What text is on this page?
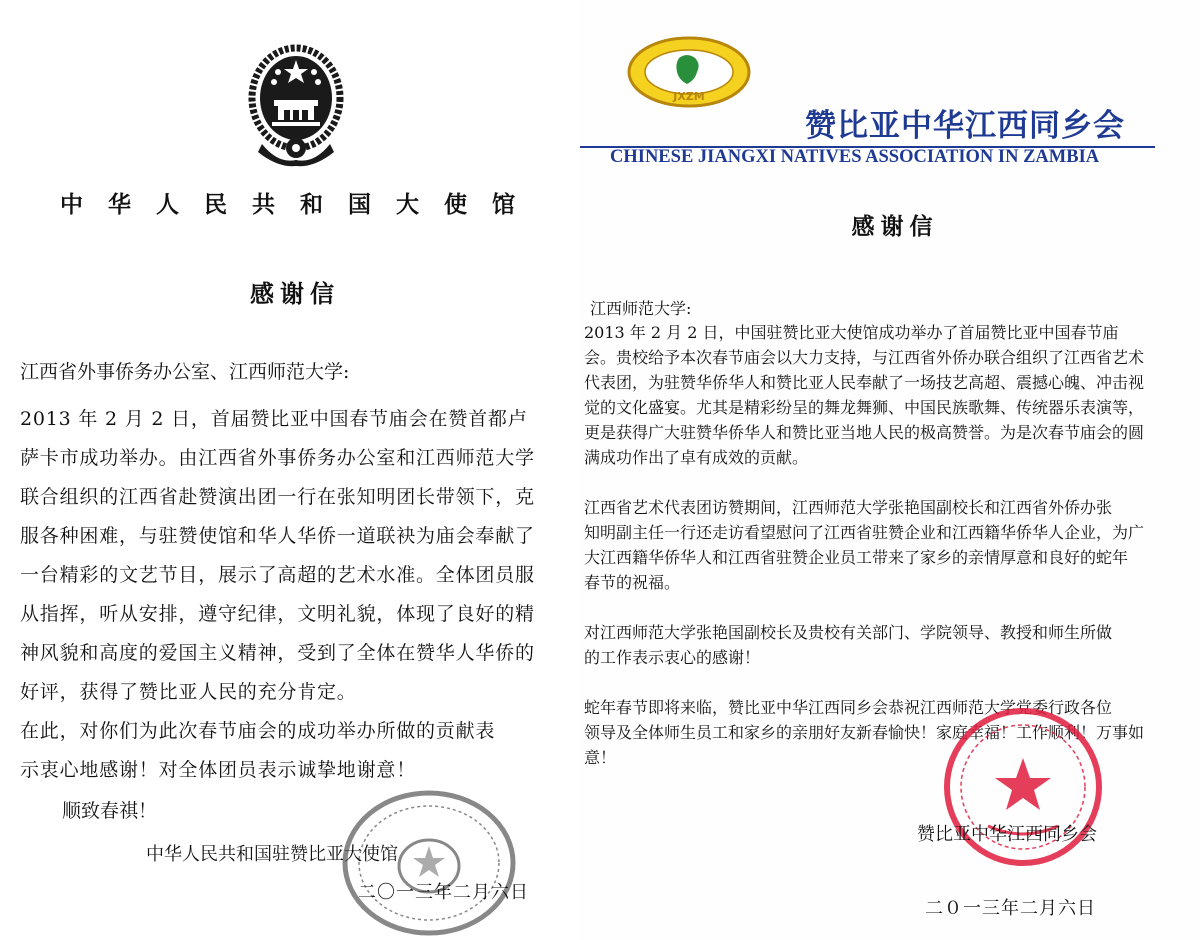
中华人民共和国大使馆
感谢信
江西省外事侨务办公室、江西师范大学:
2013 年 2 月 2 日，首届赞比亚中国春节庙会在赞首都卢
萨卡市成功举办。由江西省外事侨务办公室和江西师范大学
联合组织的江西省赴赞演出团一行在张知明团长带领下，克
服各种困难，与驻赞使馆和华人华侨一道联袂为庙会奉献了
一台精彩的文艺节目，展示了高超的艺术水准。全体团员服
从指挥，听从安排，遵守纪律，文明礼貌，体现了良好的精
神风貌和高度的爱国主义精神，受到了全体在赞华人华侨的
好评，获得了赞比亚人民的充分肯定。
在此，对你们为此次春节庙会的成功举办所做的贡献表
示衷心地感谢！对全体团员表示诚挚地谢意！
顺致春祺！
中华人民共和国驻赞比亚大使馆
二〇一三年二月六日
JXZM
赞比亚中华江西同乡会
CHINESE JIANGXI NATIVES ASSOCIATION IN ZAMBIA
感谢信
江西师范大学:
2013 年 2 月 2 日，中国驻赞比亚大使馆成功举办了首届赞比亚中国春节庙
会。贵校给予本次春节庙会以大力支持，与江西省外侨办联合组织了江西省艺术
代表团，为驻赞华侨华人和赞比亚人民奉献了一场技艺高超、震撼心魄、冲击视
觉的文化盛宴。尤其是精彩纷呈的舞龙舞狮、中国民族歌舞、传统器乐表演等，
更是获得广大驻赞华侨华人和赞比亚当地人民的极高赞誉。为是次春节庙会的圆
满成功作出了卓有成效的贡献。
江西省艺术代表团访赞期间，江西师范大学张艳国副校长和江西省外侨办张
知明副主任一行还走访看望慰问了江西省驻赞企业和江西籍华侨华人企业，为广
大江西籍华侨华人和江西省驻赞企业员工带来了家乡的亲情厚意和良好的蛇年
春节的祝福。
对江西师范大学张艳国副校长及贵校有关部门、学院领导、教授和师生所做
的工作表示衷心的感谢！
蛇年春节即将来临，赞比亚中华江西同乡会恭祝江西师范大学党委行政各位
领导及全体师生员工和家乡的亲朋好友新春愉快！家庭幸福！工作顺利！万事如
意！
赞比亚中华江西同乡会
二０一三年二月六日
